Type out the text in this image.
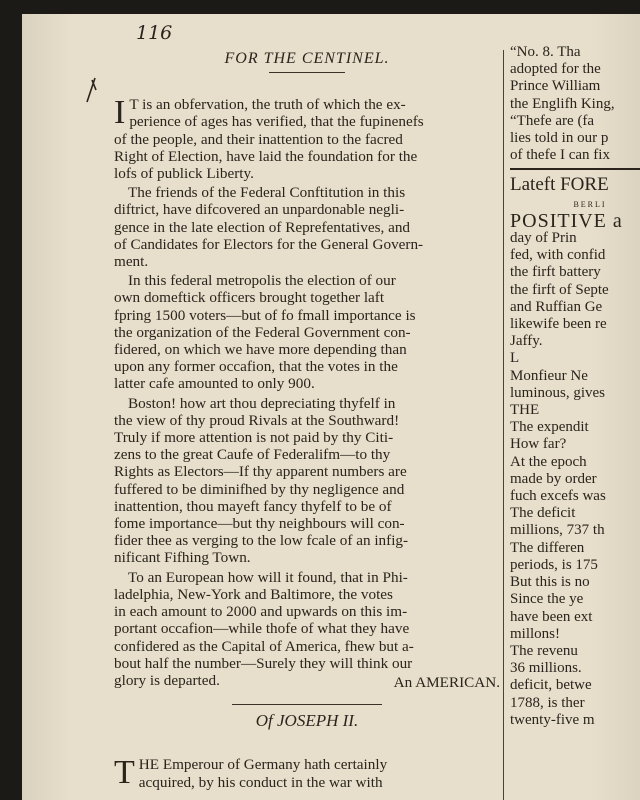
116
FOR THE CENTINEL.

I T is an obfervation, the truth of which the ex-
perience of ages has verified, that the fupinenefs
of the people, and their inattention to the facred
Right of Election, have laid the foundation for the
lofs of publick Liberty.

The friends of the Federal Conftitution in this
diftrict, have difcovered an unpardonable negli-
gence in the late election of Reprefentatives, and
of Candidates for Electors for the General Govern-
ment.

In this federal metropolis the election of our
own domeftick officers brought together laft
fpring 1500 voters—but of fo fmall importance is
the organization of the Federal Government con-
fidered, on which we have more depending than
upon any former occafion, that the votes in the
latter cafe amounted to only 900.

Boston! how art thou depreciating thyfelf in
the view of thy proud Rivals at the Southward!
Truly if more attention is not paid by thy Citi-
zens to the great Caufe of Federalifm—to thy
Rights as Electors—If thy apparent numbers are
fuffered to be diminifhed by thy negligence and
inattention, thou mayeft fancy thyfelf to be of
fome importance—but thy neighbours will con-
fider thee as verging to the low fcale of an infig-
nificant Fifhing Town.

To an European how will it found, that in Phi-
ladelphia, New-York and Baltimore, the votes
in each amount to 2000 and upwards on this im-
portant occafion—while thofe of what they have
confidered as the Capital of America, fhew but a-
bout half the number—Surely they will think our
glory is departed.	An AMERICAN.
Of JOSEPH II.

THE Emperour of Germany hath certainly
acquired, by his conduct in the war with

“No. 8. Tha
adopted for the
Prince William
the Englifh King,
“Thefe are (fa
lies told in our p
of thefe I can fix
Lateft FORE
BERLI
POSITIVE a
day of Prin
fed, with confid
the firft battery
the firft of Septe
and Ruffian Ge
likewife been re
Jaffy.
L
Monfieur Ne
luminous, gives
THE
The expendit
How far?
At the epoch
made by order
fuch excefs was
The deficit
millions, 737 th
The differen
periods, is 175
But this is no
Since the ye
have been ext
millons!
The revenu
36 millions.
deficit, betwe
1788, is ther
twenty-five m
